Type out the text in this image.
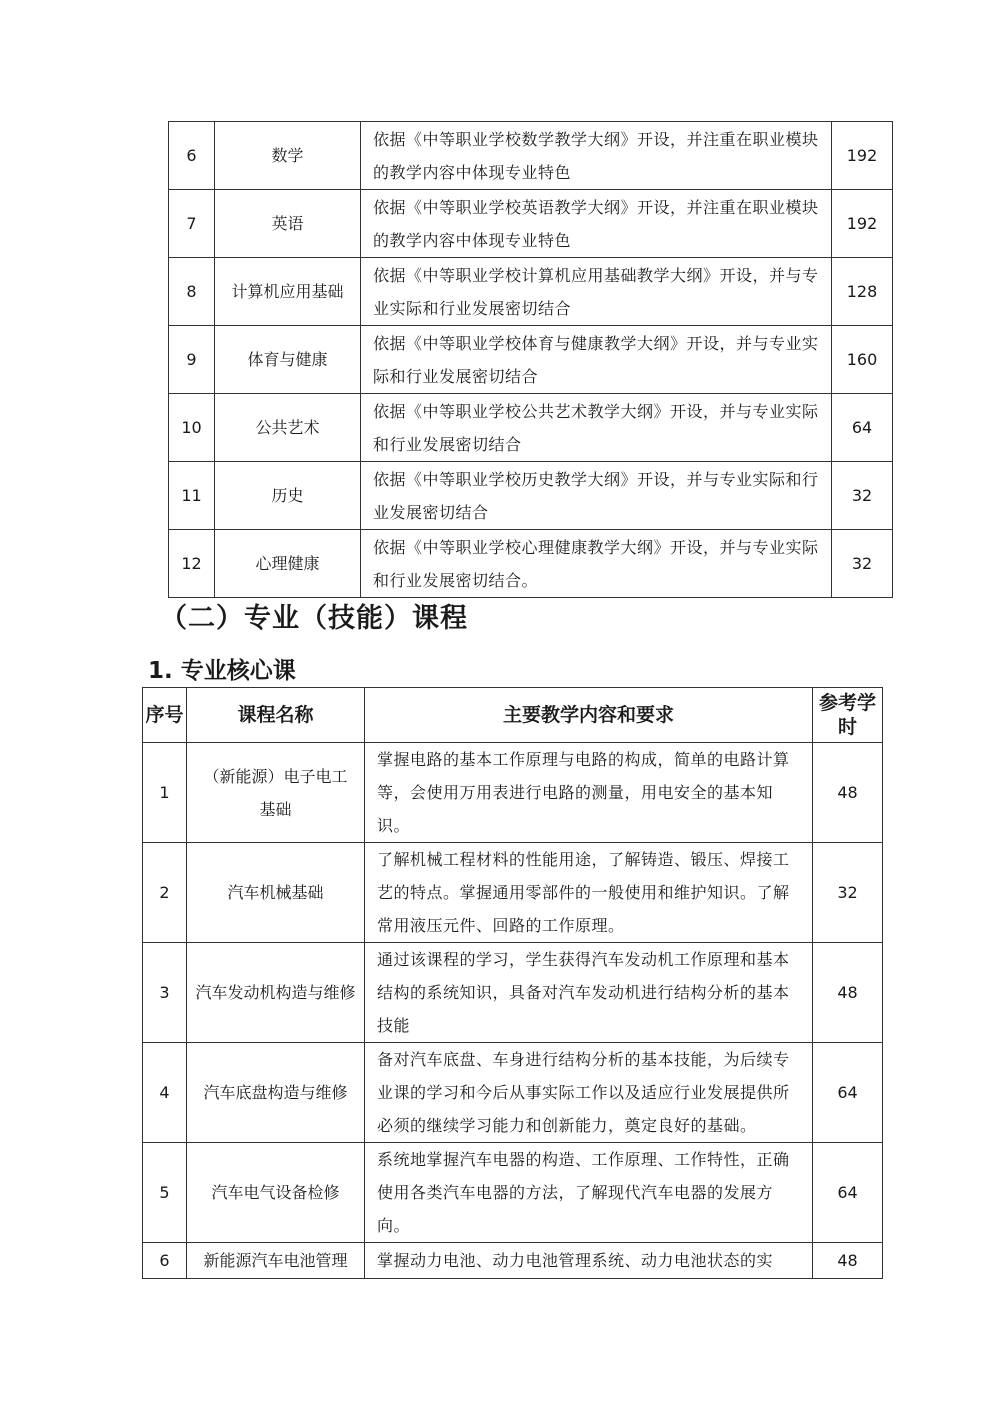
6	数学	依据《中等职业学校数学教学大纲》开设，并注重在职业模块的教学内容中体现专业特色	192
7	英语	依据《中等职业学校英语教学大纲》开设，并注重在职业模块的教学内容中体现专业特色	192
8	计算机应用基础	依据《中等职业学校计算机应用基础教学大纲》开设，并与专业实际和行业发展密切结合	128
9	体育与健康	依据《中等职业学校体育与健康教学大纲》开设，并与专业实际和行业发展密切结合	160
10	公共艺术	依据《中等职业学校公共艺术教学大纲》开设，并与专业实际和行业发展密切结合	64
11	历史	依据《中等职业学校历史教学大纲》开设，并与专业实际和行业发展密切结合	32
12	心理健康	依据《中等职业学校心理健康教学大纲》开设，并与专业实际和行业发展密切结合。	32
（二）专业（技能）课程
1. 专业核心课
序号	课程名称	主要教学内容和要求	参考学时
1	（新能源）电子电工基础	掌握电路的基本工作原理与电路的构成，简单的电路计算等，会使用万用表进行电路的测量，用电安全的基本知识。	48
2	汽车机械基础	了解机械工程材料的性能用途，了解铸造、锻压、焊接工艺的特点。掌握通用零部件的一般使用和维护知识。了解常用液压元件、回路的工作原理。	32
3	汽车发动机构造与维修	通过该课程的学习，学生获得汽车发动机工作原理和基本结构的系统知识，具备对汽车发动机进行结构分析的基本技能	48
4	汽车底盘构造与维修	备对汽车底盘、车身进行结构分析的基本技能，为后续专业课的学习和今后从事实际工作以及适应行业发展提供所必须的继续学习能力和创新能力，奠定良好的基础。	64
5	汽车电气设备检修	系统地掌握汽车电器的构造、工作原理、工作特性，正确使用各类汽车电器的方法，了解现代汽车电器的发展方向。	64
6	新能源汽车电池管理	掌握动力电池、动力电池管理系统、动力电池状态的实	48
